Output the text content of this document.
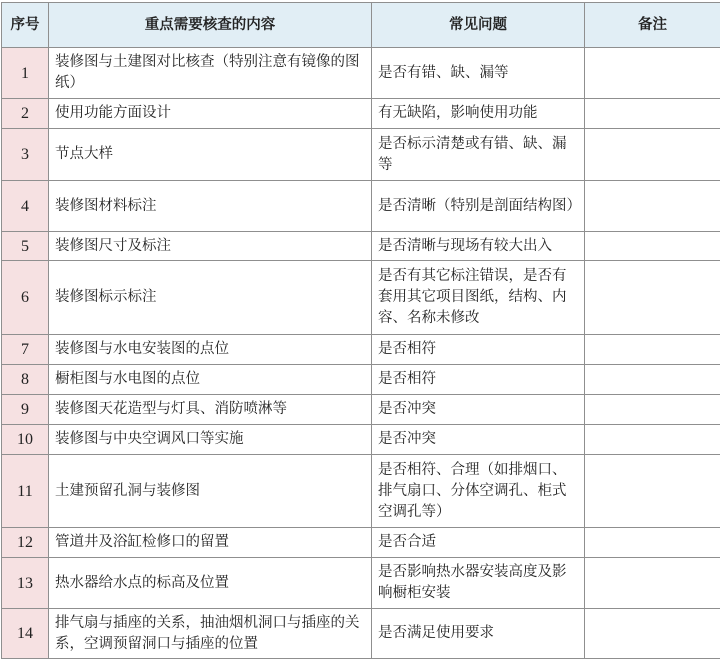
序号	重点需要核查的内容	常见问题	备注
1	装修图与土建图对比核查（特别注意有镜像的图纸）	是否有错、缺、漏等	
2	使用功能方面设计	有无缺陷，影响使用功能	
3	节点大样	是否标示清楚或有错、缺、漏等	
4	装修图材料标注	是否清晰（特别是剖面结构图）	
5	装修图尺寸及标注	是否清晰与现场有较大出入	
6	装修图标示标注	是否有其它标注错误，是否有套用其它项目图纸，结构、内容、名称未修改	
7	装修图与水电安装图的点位	是否相符	
8	橱柜图与水电图的点位	是否相符	
9	装修图天花造型与灯具、消防喷淋等	是否冲突	
10	装修图与中央空调风口等实施	是否冲突	
11	土建预留孔洞与装修图	是否相符、合理（如排烟口、排气扇口、分体空调孔、柜式空调孔等）	
12	管道井及浴缸检修口的留置	是否合适	
13	热水器给水点的标高及位置	是否影响热水器安装高度及影响橱柜安装	
14	排气扇与插座的关系，抽油烟机洞口与插座的关系，空调预留洞口与插座的位置	是否满足使用要求	
